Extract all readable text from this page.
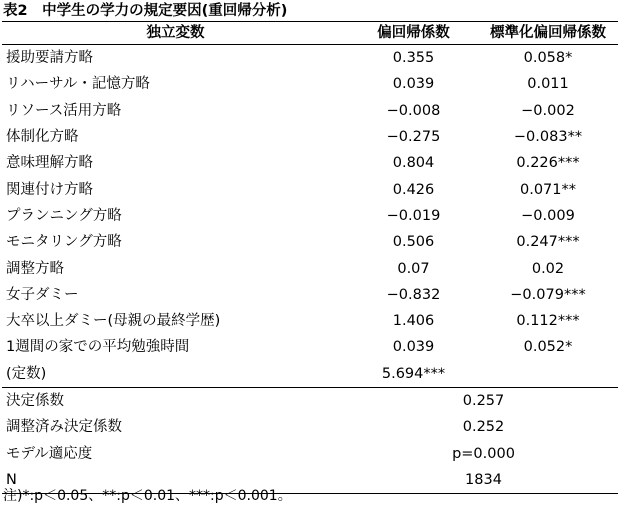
表2　中学生の学力の規定要因(重回帰分析)
独立変数	偏回帰係数	標準化偏回帰係数
援助要請方略	0.355	0.058*
リハーサル・記憶方略	0.039	0.011
リソース活用方略	−0.008	−0.002
体制化方略	−0.275	−0.083**
意味理解方略	0.804	0.226***
関連付け方略	0.426	0.071**
プランニング方略	−0.019	−0.009
モニタリング方略	0.506	0.247***
調整方略	0.07	0.02
女子ダミー	−0.832	−0.079***
大卒以上ダミー(母親の最終学歴)	1.406	0.112***
1週間の家での平均勉強時間	0.039	0.052*
(定数)	5.694***	
決定係数	0.257	
調整済み決定係数	0.252	
モデル適応度	p=0.000	
N	1834	
注)*:p＜0.05、**:p＜0.01、***:p＜0.001。
